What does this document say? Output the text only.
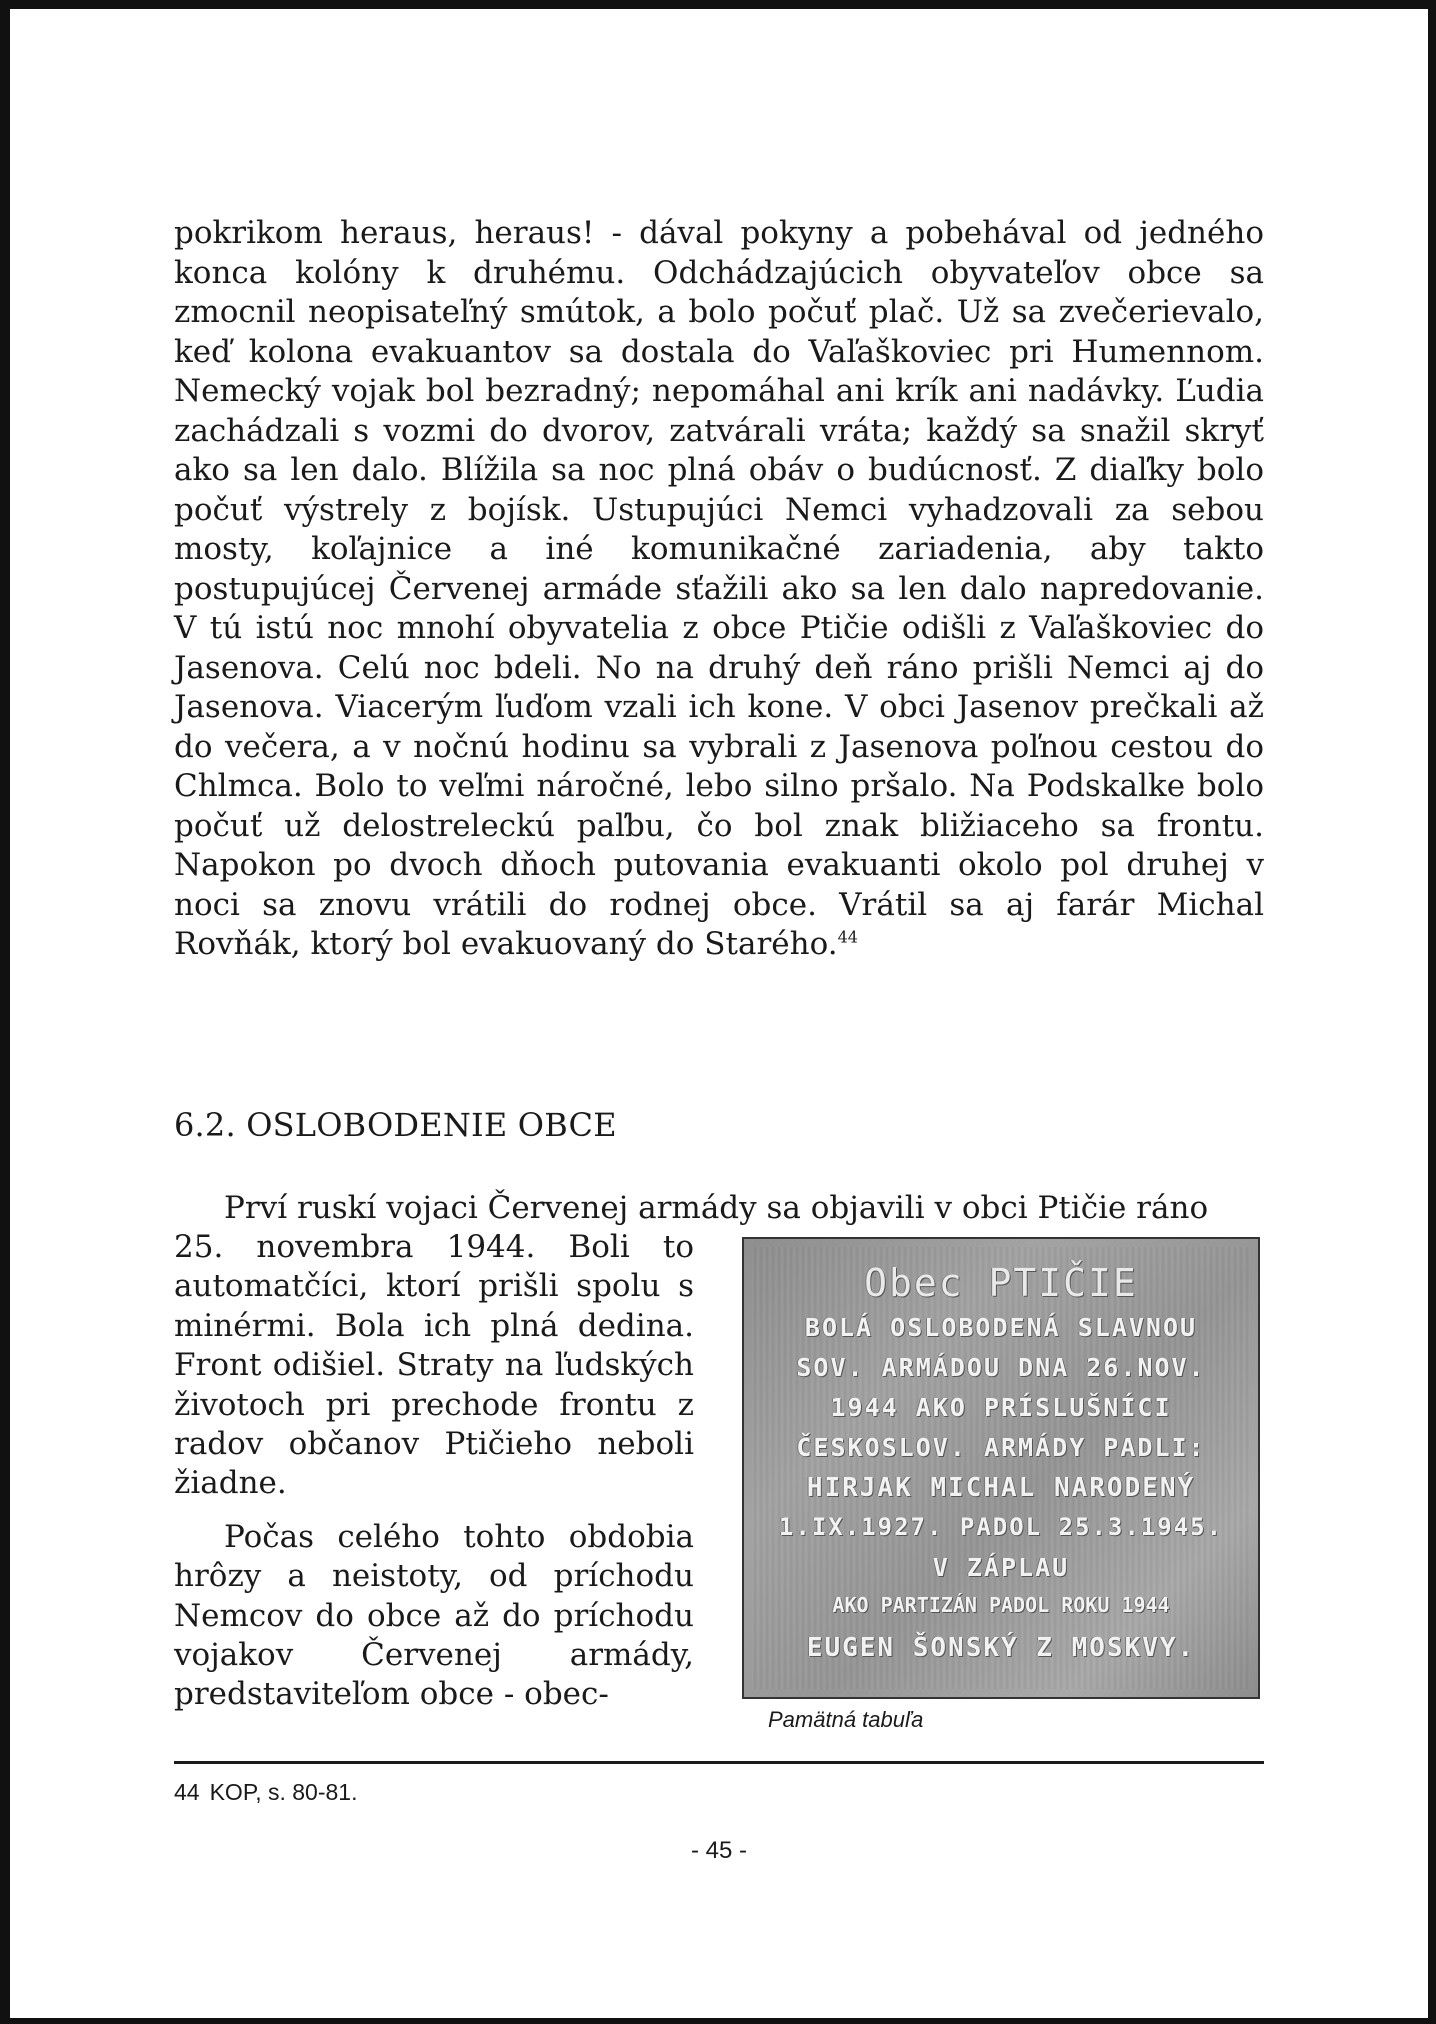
pokrikom heraus, heraus! - dával pokyny a pobehával od jedného konca kolóny k druhému. Odchádzajúcich obyvateľov obce sa zmocnil neopisateľný smútok, a bolo počuť plač. Už sa zvečerievalo, keď kolona evakuantov sa dostala do Vaľaškoviec pri Humennom. Nemecký vojak bol bezradný; nepomáhal ani krík ani nadávky. Ľudia zachádzali s vozmi do dvorov, zatvárali vráta; každý sa snažil skryť ako sa len dalo. Blížila sa noc plná obáv o budúcnosť. Z diaľky bolo počuť výstrely z bojísk. Ustupujúci Nemci vyhadzovali za sebou mosty, koľajnice a iné komunikačné zariadenia, aby takto postupujúcej Červenej armáde sťažili ako sa len dalo napredovanie. V tú istú noc mnohí obyvatelia z obce Ptičie odišli z Vaľaškoviec do Jasenova. Celú noc bdeli. No na druhý deň ráno prišli Nemci aj do Jasenova. Viacerým ľuďom vzali ich kone. V obci Jasenov prečkali až do večera, a v nočnú hodinu sa vybrali z Jasenova poľnou cestou do Chlmca. Bolo to veľmi náročné, lebo silno pršalo. Na Podskalke bolo počuť už delostreleckú paľbu, čo bol znak bližiaceho sa frontu. Napokon po dvoch dňoch putovania evakuanti okolo pol druhej v noci sa znovu vrátili do rodnej obce. Vrátil sa aj farár Michal Rovňák, ktorý bol evakuovaný do Starého.$^{44}$

6.2. OSLOBODENIE OBCE

Prví ruskí vojaci Červenej armády sa objavili v obci Ptičie ráno

25. novembra 1944. Boli to automatčíci, ktorí prišli spolu s minérmi. Bola ich plná dedina. Front odišiel. Straty na ľudských životoch pri prechode frontu z radov občanov Ptičieho neboli žiadne.

Počas celého tohto obdobia hrôzy a neistoty, od príchodu Nemcov do obce až do príchodu vojakov Červenej armády, predstaviteľom obce - obec-

Obec PTIČIE
BOLÁ OSLOBODENÁ SLAVNOU
SOV. ARMÁDOU DNA 26.NOV.
1944 AKO PRÍSLUŠNÍCI
ČESKOSLOV. ARMÁDY PADLI:
HIRJAK MICHAL NARODENÝ
1.IX.1927. PADOL 25.3.1945.
V ZÁPLAU
AKO PARTIZÁN PADOL ROKU 1944
EUGEN ŠONSKÝ Z MOSKVY.
Pamätná tabuľa
44 KOP, s. 80-81.
- 45 -
